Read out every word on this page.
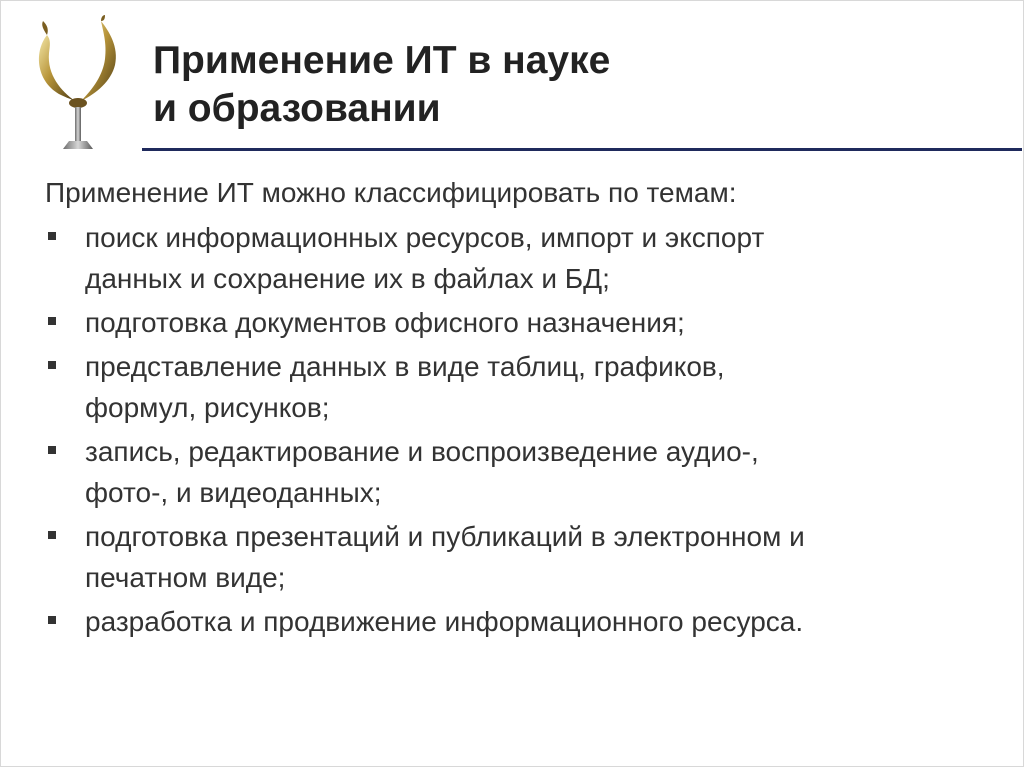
Применение ИТ в науке
и образовании

Применение ИТ можно классифицировать по темам:

поиск информационных ресурсов, импорт и экспорт
данных и сохранение их в файлах и БД;
подготовка документов офисного назначения;
представление данных в виде таблиц, графиков,
формул, рисунков;
запись, редактирование и воспроизведение аудио-,
фото-, и видеоданных;
подготовка презентаций и публикаций в электронном и
печатном виде;
разработка и продвижение информационного ресурса.
